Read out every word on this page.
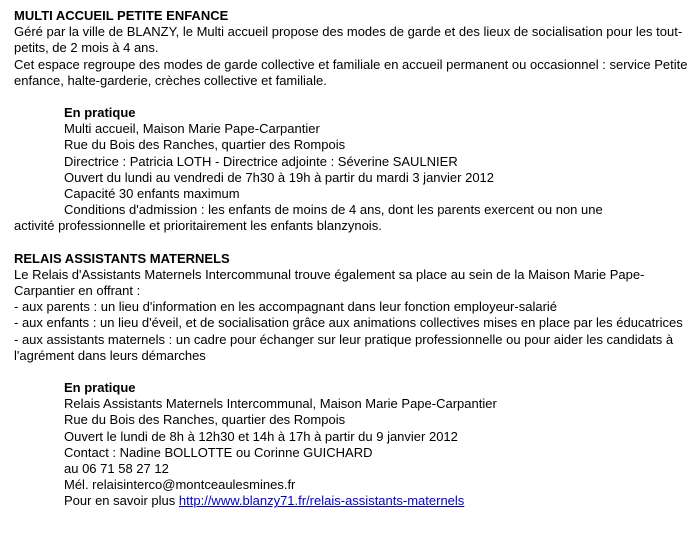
MULTI ACCUEIL PETITE ENFANCE
Géré par la ville de BLANZY, le Multi accueil propose des modes de garde et des lieux de socialisation pour les tout-petits, de 2 mois à 4 ans.
Cet espace regroupe des modes de garde collective et familiale en accueil permanent ou occasionnel : service Petite enfance, halte-garderie, crèches collective et familiale.
En pratique
Multi accueil, Maison Marie Pape-Carpantier
Rue du Bois des Ranches, quartier des Rompois
Directrice : Patricia LOTH - Directrice adjointe : Séverine SAULNIER
Ouvert du lundi au vendredi de 7h30 à 19h à partir du mardi 3 janvier 2012
Capacité 30 enfants maximum
Conditions d'admission : les enfants de moins de 4 ans, dont les parents exercent ou non une
activité professionnelle et prioritairement les enfants blanzynois.
RELAIS ASSISTANTS MATERNELS
Le Relais d'Assistants Maternels Intercommunal trouve également sa place au sein de la Maison Marie Pape-Carpantier en offrant :
- aux parents : un lieu d'information en les accompagnant dans leur fonction employeur-salarié
- aux enfants : un lieu d'éveil, et de socialisation grâce aux animations collectives mises en place par les éducatrices
- aux assistants maternels : un cadre pour échanger sur leur pratique professionnelle ou pour aider les candidats à l'agrément dans leurs démarches
En pratique
Relais Assistants Maternels Intercommunal, Maison Marie Pape-Carpantier
Rue du Bois des Ranches, quartier des Rompois
Ouvert le lundi de 8h à 12h30 et 14h à 17h à partir du 9 janvier 2012
Contact : Nadine BOLLOTTE ou Corinne GUICHARD
au 06 71 58 27 12
Mél. relaisinterco@montceaulesmines.fr
Pour en savoir plus http://www.blanzy71.fr/relais-assistants-maternels
